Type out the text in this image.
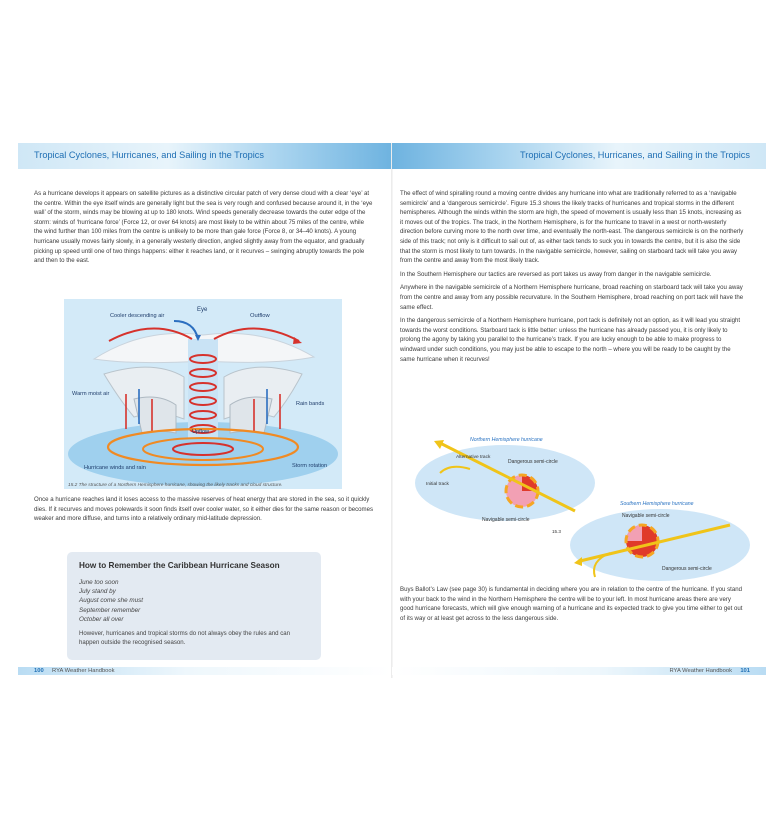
Tropical Cyclones, Hurricanes, and Sailing in the Tropics

As a hurricane develops it appears on satellite pictures as a distinctive circular patch of very dense cloud with a clear ‘eye’ at the centre. Within the eye itself winds are generally light but the sea is very rough and confused because around it, in the ‘eye wall’ of the storm, winds may be blowing at up to 180 knots. Wind speeds generally decrease towards the outer edge of the storm: winds of ‘hurricane force’ (Force 12, or over 64 knots) are most likely to be within about 75 miles of the centre, while the wind further than 100 miles from the centre is unlikely to be more than gale force (Force 8, or 34–40 knots). A young hurricane usually moves fairly slowly, in a generally westerly direction, angled slightly away from the equator, and gradually picking up speed until one of two things happens: either it reaches land, or it recurves – swinging abruptly towards the pole and then to the east.

Eye
Cooler descending air	Outflow
Warm moist air
Rain bands
Upflow
Hurricane winds and rain	Storm rotation
15.2 The structure of a Northern Hemisphere hurricane, showing the likely tracks and cloud structure.

Once a hurricane reaches land it loses access to the massive reserves of heat energy that are stored in the sea, so it quickly dies. If it recurves and moves polewards it soon finds itself over cooler water, so it either dies for the same reason or becomes weaker and more diffuse, and turns into a relatively ordinary mid-latitude depression.

How to Remember the Caribbean Hurricane Season
June too soon
July stand by
August come she must
September remember
October all over
However, hurricanes and tropical storms do not always obey the rules and can happen outside the recognised season.
100 RYA Weather Handbook
Tropical Cyclones, Hurricanes, and Sailing in the Tropics

The effect of wind spiralling round a moving centre divides any hurricane into what are traditionally referred to as a ‘navigable semicircle’ and a ‘dangerous semicircle’. Figure 15.3 shows the likely tracks of hurricanes and tropical storms in the different hemispheres. Although the winds within the storm are high, the speed of movement is usually less than 15 knots, increasing as it moves out of the tropics. The track, in the Northern Hemisphere, is for the hurricane to travel in a west or north-westerly direction before curving more to the north over time, and eventually the north-east. The dangerous semicircle is on the northerly side of this track; not only is it difficult to sail out of, as either tack tends to suck you in towards the centre, but it is also the side that the storm is most likely to turn towards. In the navigable semicircle, however, sailing on starboard tack will take you away from the centre and away from the most likely track.

In the Southern Hemisphere our tactics are reversed as port takes us away from danger in the navigable semicircle.

Anywhere in the navigable semicircle of a Northern Hemisphere hurricane, broad reaching on starboard tack will take you away from the centre and away from any possible recurvature. In the Southern Hemisphere, broad reaching on port tack will have the same effect.

In the dangerous semicircle of a Northern Hemisphere hurricane, port tack is definitely not an option, as it will lead you straight towards the worst conditions. Starboard tack is little better: unless the hurricane has already passed you, it is only likely to prolong the agony by taking you parallel to the hurricane’s track. If you are lucky enough to be able to make progress to windward under such conditions, you may just be able to escape to the north – where you will be ready to be caught by the same hurricane when it recurves!

Northern Hemisphere hurricane
Alternative track
Dangerous semi-circle
Initial track
Navigable semi-circle
15.3
Southern Hemisphere hurricane
Navigable semi-circle
Dangerous semi-circle

Buys Ballot’s Law (see page 30) is fundamental in deciding where you are in relation to the centre of the hurricane. If you stand with your back to the wind in the Northern Hemisphere the centre will be to your left. In most hurricane areas there are very good hurricane forecasts, which will give enough warning of a hurricane and its expected track to give you time either to get out of its way or at least get across to the less dangerous side.

RYA Weather Handbook 101
